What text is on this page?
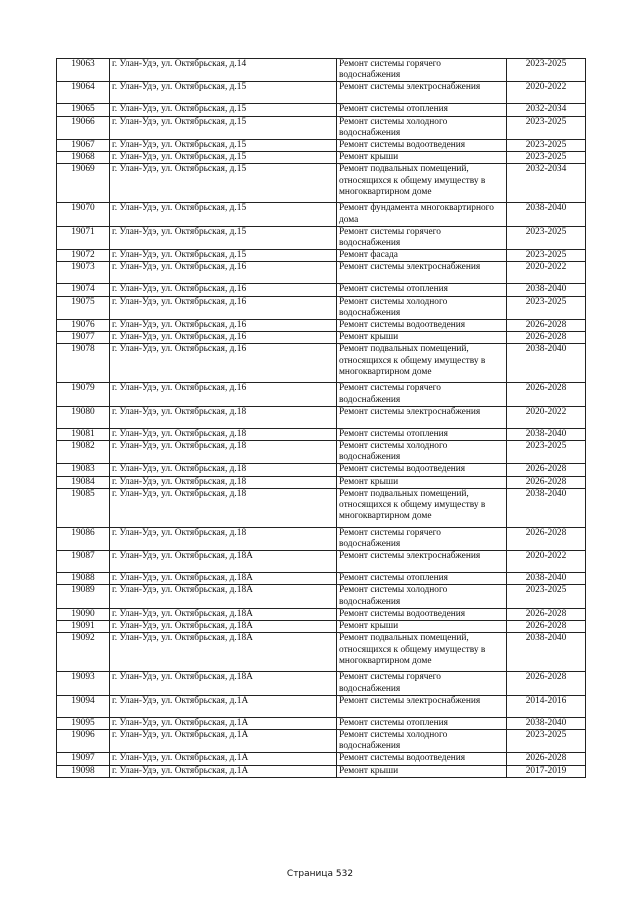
19063	г. Улан-Удэ, ул. Октябрьская, д.14	Ремонт системы горячего водоснабжения	2023-2025
19064	г. Улан-Удэ, ул. Октябрьская, д.15	Ремонт системы электроснабжения	2020-2022
19065	г. Улан-Удэ, ул. Октябрьская, д.15	Ремонт системы отопления	2032-2034
19066	г. Улан-Удэ, ул. Октябрьская, д.15	Ремонт системы холодного водоснабжения	2023-2025
19067	г. Улан-Удэ, ул. Октябрьская, д.15	Ремонт системы водоотведения	2023-2025
19068	г. Улан-Удэ, ул. Октябрьская, д.15	Ремонт крыши	2023-2025
19069	г. Улан-Удэ, ул. Октябрьская, д.15	Ремонт подвальных помещений, относящихся к общему имуществу в многоквартирном доме	2032-2034
19070	г. Улан-Удэ, ул. Октябрьская, д.15	Ремонт фундамента многоквартирного дома	2038-2040
19071	г. Улан-Удэ, ул. Октябрьская, д.15	Ремонт системы горячего водоснабжения	2023-2025
19072	г. Улан-Удэ, ул. Октябрьская, д.15	Ремонт фасада	2023-2025
19073	г. Улан-Удэ, ул. Октябрьская, д.16	Ремонт системы электроснабжения	2020-2022
19074	г. Улан-Удэ, ул. Октябрьская, д.16	Ремонт системы отопления	2038-2040
19075	г. Улан-Удэ, ул. Октябрьская, д.16	Ремонт системы холодного водоснабжения	2023-2025
19076	г. Улан-Удэ, ул. Октябрьская, д.16	Ремонт системы водоотведения	2026-2028
19077	г. Улан-Удэ, ул. Октябрьская, д.16	Ремонт крыши	2026-2028
19078	г. Улан-Удэ, ул. Октябрьская, д.16	Ремонт подвальных помещений, относящихся к общему имуществу в многоквартирном доме	2038-2040
19079	г. Улан-Удэ, ул. Октябрьская, д.16	Ремонт системы горячего водоснабжения	2026-2028
19080	г. Улан-Удэ, ул. Октябрьская, д.18	Ремонт системы электроснабжения	2020-2022
19081	г. Улан-Удэ, ул. Октябрьская, д.18	Ремонт системы отопления	2038-2040
19082	г. Улан-Удэ, ул. Октябрьская, д.18	Ремонт системы холодного водоснабжения	2023-2025
19083	г. Улан-Удэ, ул. Октябрьская, д.18	Ремонт системы водоотведения	2026-2028
19084	г. Улан-Удэ, ул. Октябрьская, д.18	Ремонт крыши	2026-2028
19085	г. Улан-Удэ, ул. Октябрьская, д.18	Ремонт подвальных помещений, относящихся к общему имуществу в многоквартирном доме	2038-2040
19086	г. Улан-Удэ, ул. Октябрьская, д.18	Ремонт системы горячего водоснабжения	2026-2028
19087	г. Улан-Удэ, ул. Октябрьская, д.18А	Ремонт системы электроснабжения	2020-2022
19088	г. Улан-Удэ, ул. Октябрьская, д.18А	Ремонт системы отопления	2038-2040
19089	г. Улан-Удэ, ул. Октябрьская, д.18А	Ремонт системы холодного водоснабжения	2023-2025
19090	г. Улан-Удэ, ул. Октябрьская, д.18А	Ремонт системы водоотведения	2026-2028
19091	г. Улан-Удэ, ул. Октябрьская, д.18А	Ремонт крыши	2026-2028
19092	г. Улан-Удэ, ул. Октябрьская, д.18А	Ремонт подвальных помещений, относящихся к общему имуществу в многоквартирном доме	2038-2040
19093	г. Улан-Удэ, ул. Октябрьская, д.18А	Ремонт системы горячего водоснабжения	2026-2028
19094	г. Улан-Удэ, ул. Октябрьская, д.1А	Ремонт системы электроснабжения	2014-2016
19095	г. Улан-Удэ, ул. Октябрьская, д.1А	Ремонт системы отопления	2038-2040
19096	г. Улан-Удэ, ул. Октябрьская, д.1А	Ремонт системы холодного водоснабжения	2023-2025
19097	г. Улан-Удэ, ул. Октябрьская, д.1А	Ремонт системы водоотведения	2026-2028
19098	г. Улан-Удэ, ул. Октябрьская, д.1А	Ремонт крыши	2017-2019
Страница 532
